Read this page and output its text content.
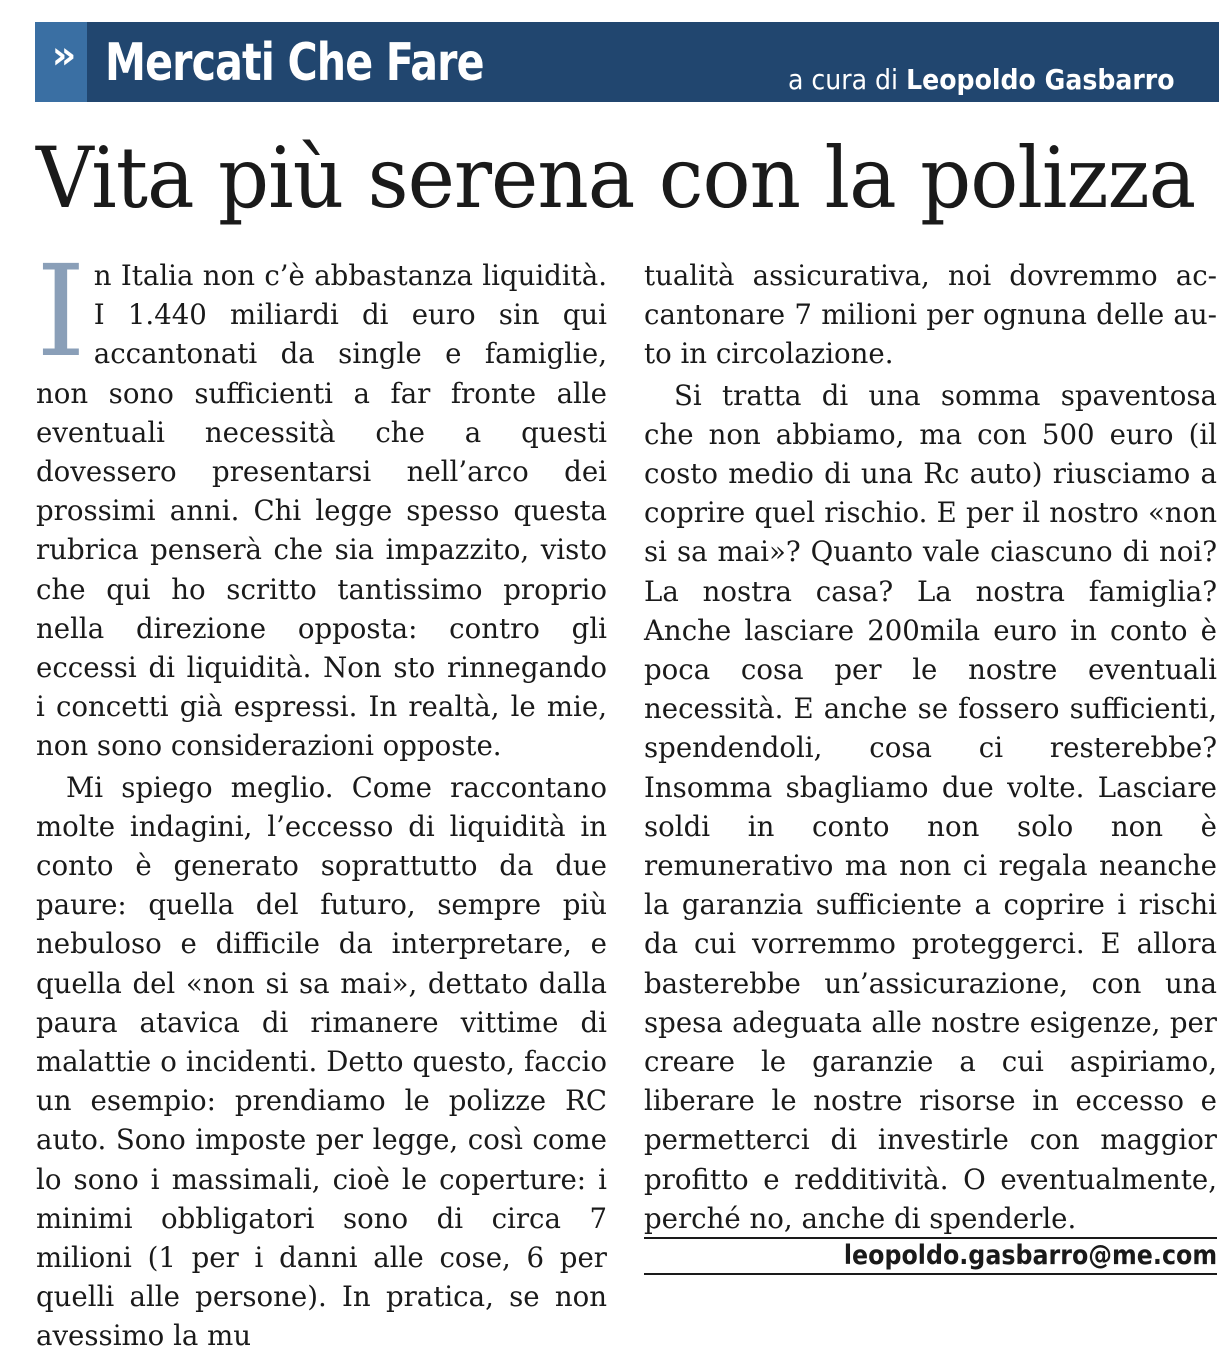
» Mercati Che Fare	a cura di Leopoldo Gasbarro
Vita più serena con la polizza

In Italia non c’è abbastanza liquidità. I 1.440 miliardi di euro sin qui accantonati da single e famiglie, non sono sufficienti a far fronte alle eventuali necessità che a questi dovessero presentarsi nell’arco dei prossimi anni. Chi legge spesso questa rubrica penserà che sia impazzito, visto che qui ho scritto tantissimo proprio nella direzione opposta: contro gli eccessi di liquidità. Non sto rinnegando i concetti già espressi. In realtà, le mie, non sono considerazioni opposte.

Mi spiego meglio. Come raccontano molte indagini, l’eccesso di liquidità in conto è generato soprattutto da due paure: quella del futuro, sempre più nebuloso e difficile da interpretare, e quella del «non si sa mai», dettato dalla paura atavica di rimanere vittime di malattie o incidenti. Detto questo, faccio un esempio: prendiamo le polizze RC auto. Sono imposte per legge, così come lo sono i massimali, cioè le coperture: i minimi obbligatori sono di circa 7 milioni (1 per i danni alle cose, 6 per quelli alle persone). In pratica, se non avessimo la mu

tualità assicurativa, noi dovremmo accantonare 7 milioni per ognuna delle auto in circolazione.

Si tratta di una somma spaventosa che non abbiamo, ma con 500 euro (il costo medio di una Rc auto) riusciamo a coprire quel rischio. E per il nostro «non si sa mai»? Quanto vale ciascuno di noi? La nostra casa? La nostra famiglia? Anche lasciare 200mila euro in conto è poca cosa per le nostre eventuali necessità. E anche se fossero sufficienti, spendendoli, cosa ci resterebbe? Insomma sbagliamo due volte. Lasciare soldi in conto non solo non è remunerativo ma non ci regala neanche la garanzia sufficiente a coprire i rischi da cui vorremmo proteggerci. E allora basterebbe un’assicurazione, con una spesa adeguata alle nostre esigenze, per creare le garanzie a cui aspiriamo, liberare le nostre risorse in eccesso e permetterci di investirle con maggior profitto e redditività. O eventualmente, perché no, anche di spenderle.

leopoldo.gasbarro@me.com
